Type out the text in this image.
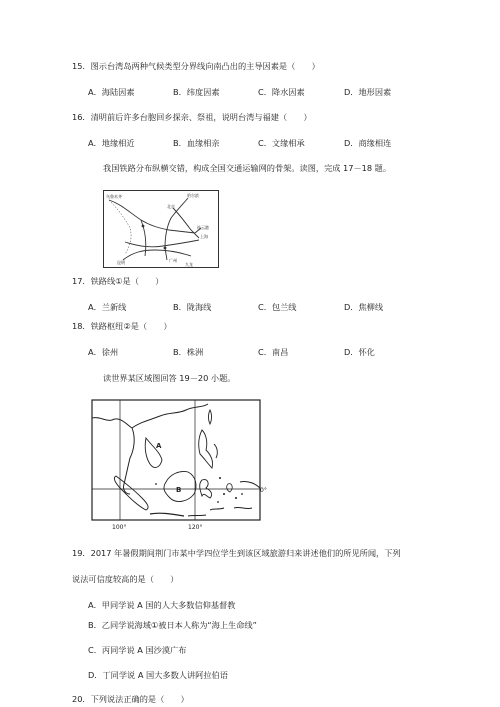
15．图示台湾岛两种气候类型分界线向南凸出的主导因素是（　　）
A．海陆因素	B．纬度因素	C．降水因素	D．地形因素
16．清明前后许多台胞回乡探亲、祭祖，说明台湾与福建（　　）
A．地缘相近	B．血缘相亲	C．文缘相承	D．商缘相连
我国铁路分布纵横交错，构成全国交通运输网的骨架。读图，完成 17－18 题。
乌鲁木齐	哈尔滨
北京
连云港
上海
昆明	广州
九龙
17．铁路线①是（　　）
A．兰新线	B．陇海线	C．包兰线	D．焦柳线
18．铁路枢纽②是（　　）
A．徐州	B．株洲	C．南昌	D．怀化
读世界某区域图回答 19－20 小题。
A
B	0°
100°	120°
19．2017 年暑假期间荆门市某中学四位学生到该区域旅游归来讲述他们的所见所闻，下列
说法可信度较高的是（　　）
A．甲同学说 A 国的人大多数信仰基督教
B．乙同学说海域①被日本人称为“海上生命线”
C．丙同学说 A 国沙漠广布
D．丁同学说 A 国大多数人讲阿拉伯语
20．下列说法正确的是（　　）
